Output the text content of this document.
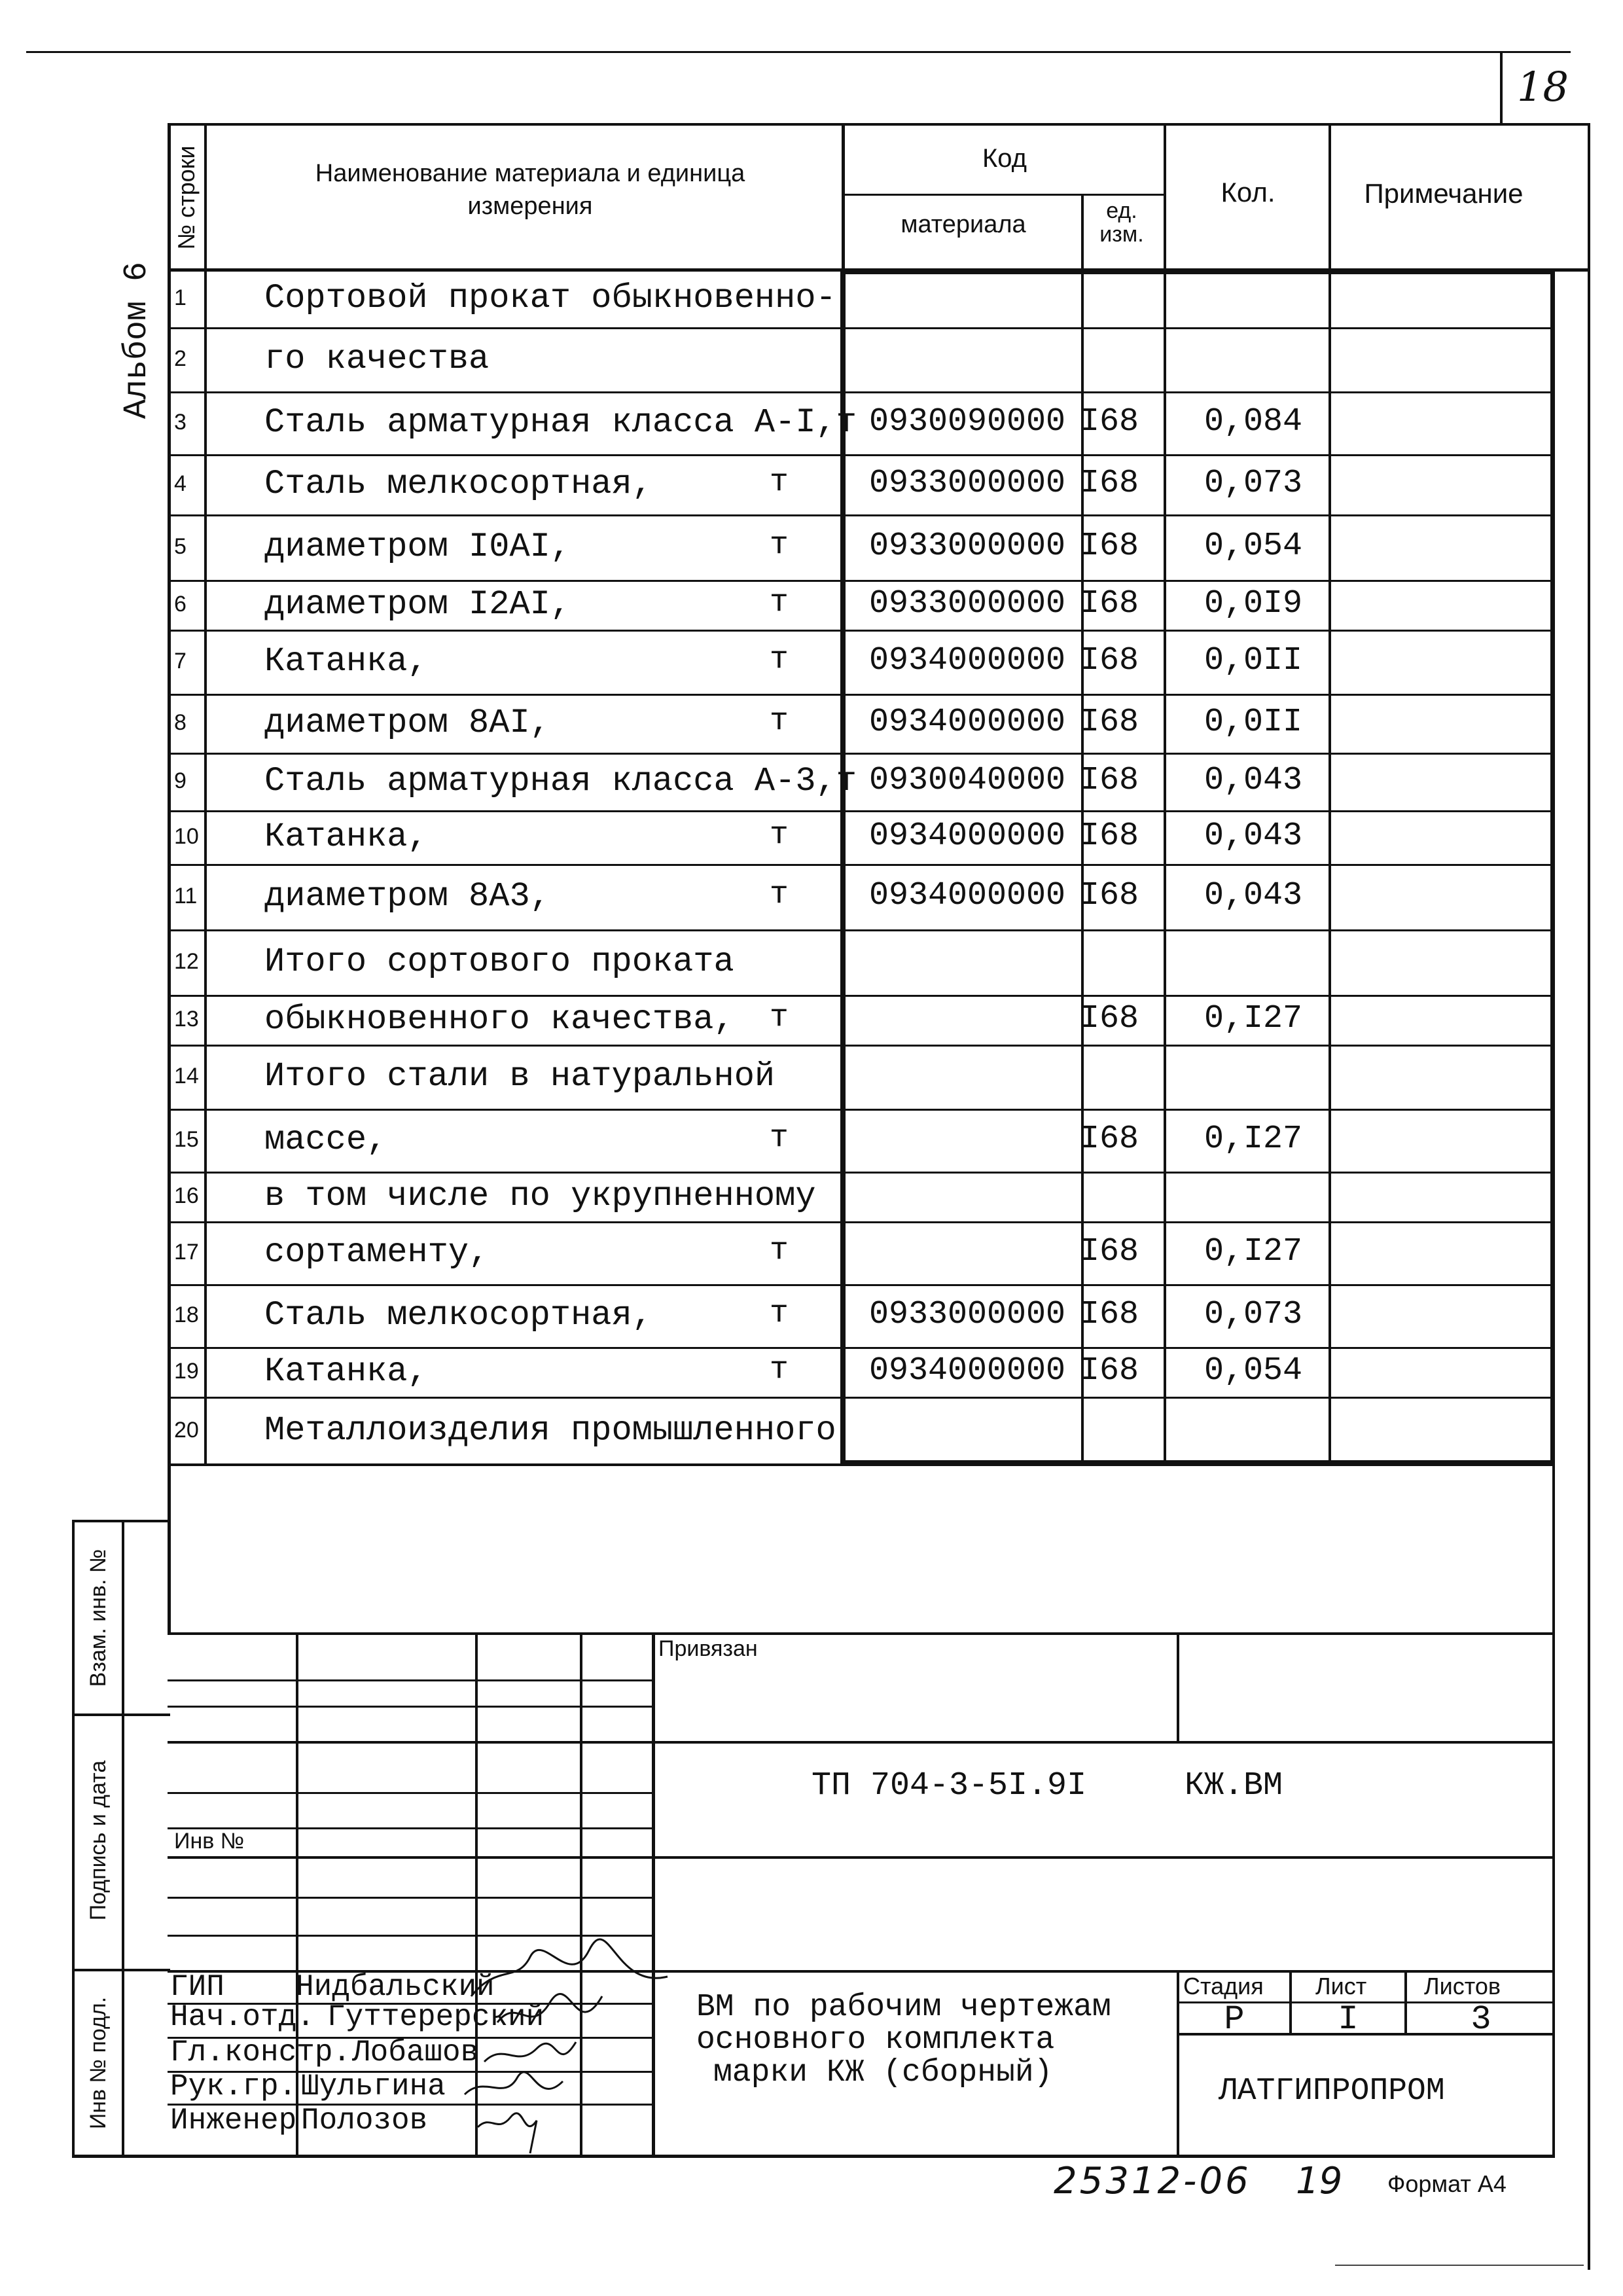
18
Альбом 6
№ строки	Наименование материала и единица измерения
Код
материала	ед. изм.
Кол.	Примечание
1 Сортовой прокат обыкновенно-
2 го качества
3 Сталь арматурная класса А-I,т 0930090000 I68 0,084
4 Сталь мелкосортная,	т 0933000000 I68 0,073
5 диаметром I0AI,	т 0933000000 I68 0,054
6 диаметром I2AI,	т 0933000000 I68 0,0I9
7 Катанка,	т 0934000000 I68 0,0II
8 диаметром 8AI,	т 0934000000 I68 0,0II
9 Сталь арматурная класса А-3,т 0930040000 I68 0,043
10 Катанка,	т 0934000000 I68 0,043
11 диаметром 8А3,	т 0934000000 I68 0,043
12 Итого сортового проката
13 обыкновенного качества, т	I68 0,I27
14 Итого стали в натуральной
15 массе,	т	I68 0,I27
16 в том числе по укрупненному
17 сортаменту,	т	I68 0,I27
18 Сталь мелкосортная,	т 0933000000 I68 0,073
19 Катанка,	т 0934000000 I68 0,054
20 Металлоизделия промышленного
Взам. инв. №
Подпись и дата
Инв № подл.
Привязан
Инв №
ТП 704-3-5I.9I	КЖ.ВМ
ВМ по рабочим чертежам
основного комплекта
марки КЖ (сборный)
Стадия Лист Листов
Р	I	3
ЛАТГИПРОПРОМ
ГИП Нидбальский
Нач.отд. Гуттерерский
Гл.констр. Лобашов
Рук.гр. Шульгина
Инженер Полозов
25312-06 19 Формат А4
